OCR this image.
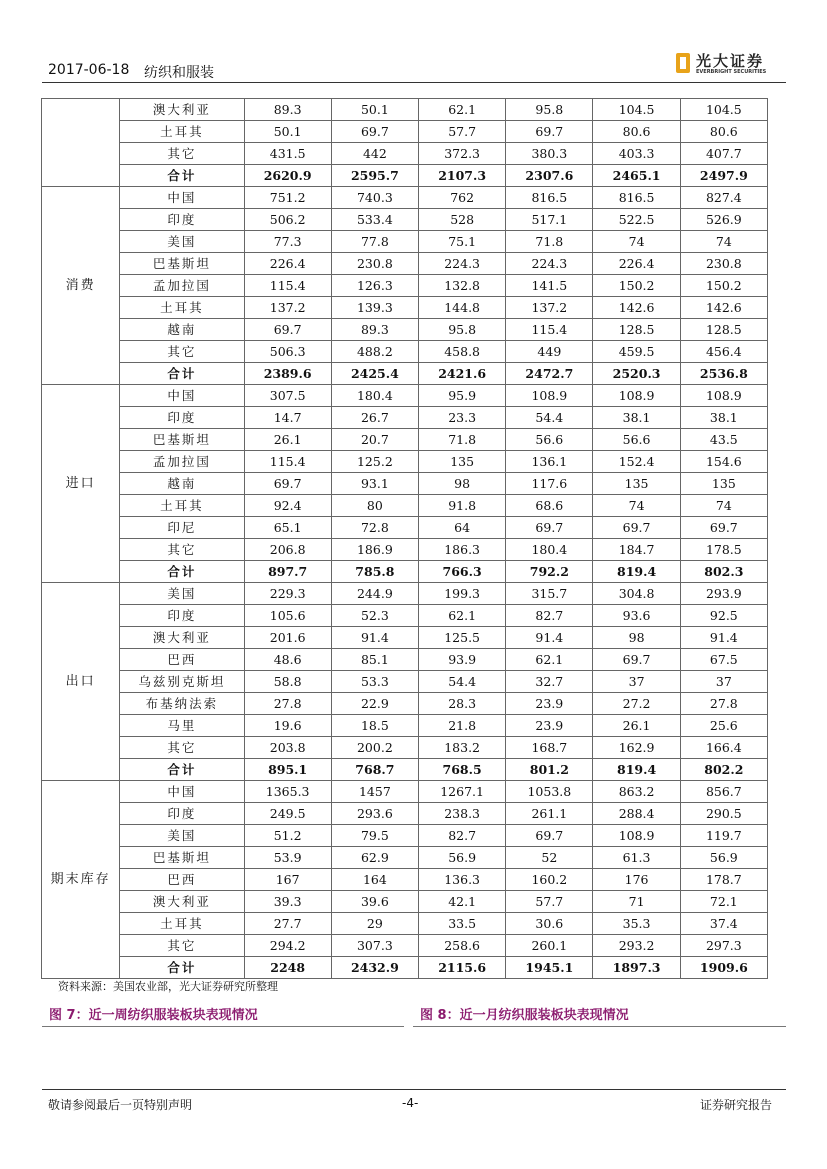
2017-06-18 纺织和服装
光大证券
EVERBRIGHT SECURITIES
	澳大利亚	89.3	50.1	62.1	95.8	104.5	104.5
	土耳其	50.1	69.7	57.7	69.7	80.6	80.6
	其它	431.5	442	372.3	380.3	403.3	407.7
	合计	2620.9	2595.7	2107.3	2307.6	2465.1	2497.9
消费	中国	751.2	740.3	762	816.5	816.5	827.4
	印度	506.2	533.4	528	517.1	522.5	526.9
	美国	77.3	77.8	75.1	71.8	74	74
	巴基斯坦	226.4	230.8	224.3	224.3	226.4	230.8
	孟加拉国	115.4	126.3	132.8	141.5	150.2	150.2
	土耳其	137.2	139.3	144.8	137.2	142.6	142.6
	越南	69.7	89.3	95.8	115.4	128.5	128.5
	其它	506.3	488.2	458.8	449	459.5	456.4
	合计	2389.6	2425.4	2421.6	2472.7	2520.3	2536.8
进口	中国	307.5	180.4	95.9	108.9	108.9	108.9
	印度	14.7	26.7	23.3	54.4	38.1	38.1
	巴基斯坦	26.1	20.7	71.8	56.6	56.6	43.5
	孟加拉国	115.4	125.2	135	136.1	152.4	154.6
	越南	69.7	93.1	98	117.6	135	135
	土耳其	92.4	80	91.8	68.6	74	74
	印尼	65.1	72.8	64	69.7	69.7	69.7
	其它	206.8	186.9	186.3	180.4	184.7	178.5
	合计	897.7	785.8	766.3	792.2	819.4	802.3
出口	美国	229.3	244.9	199.3	315.7	304.8	293.9
	印度	105.6	52.3	62.1	82.7	93.6	92.5
	澳大利亚	201.6	91.4	125.5	91.4	98	91.4
	巴西	48.6	85.1	93.9	62.1	69.7	67.5
	乌兹别克斯坦	58.8	53.3	54.4	32.7	37	37
	布基纳法索	27.8	22.9	28.3	23.9	27.2	27.8
	马里	19.6	18.5	21.8	23.9	26.1	25.6
	其它	203.8	200.2	183.2	168.7	162.9	166.4
	合计	895.1	768.7	768.5	801.2	819.4	802.2
期末库存	中国	1365.3	1457	1267.1	1053.8	863.2	856.7
	印度	249.5	293.6	238.3	261.1	288.4	290.5
	美国	51.2	79.5	82.7	69.7	108.9	119.7
	巴基斯坦	53.9	62.9	56.9	52	61.3	56.9
	巴西	167	164	136.3	160.2	176	178.7
	澳大利亚	39.3	39.6	42.1	57.7	71	72.1
	土耳其	27.7	29	33.5	30.6	35.3	37.4
	其它	294.2	307.3	258.6	260.1	293.2	297.3
	合计	2248	2432.9	2115.6	1945.1	1897.3	1909.6
资料来源：美国农业部，光大证券研究所整理
图 7：近一周纺织服装板块表现情况	图 8：近一月纺织服装板块表现情况
敬请参阅最后一页特别声明	-4-	证券研究报告
